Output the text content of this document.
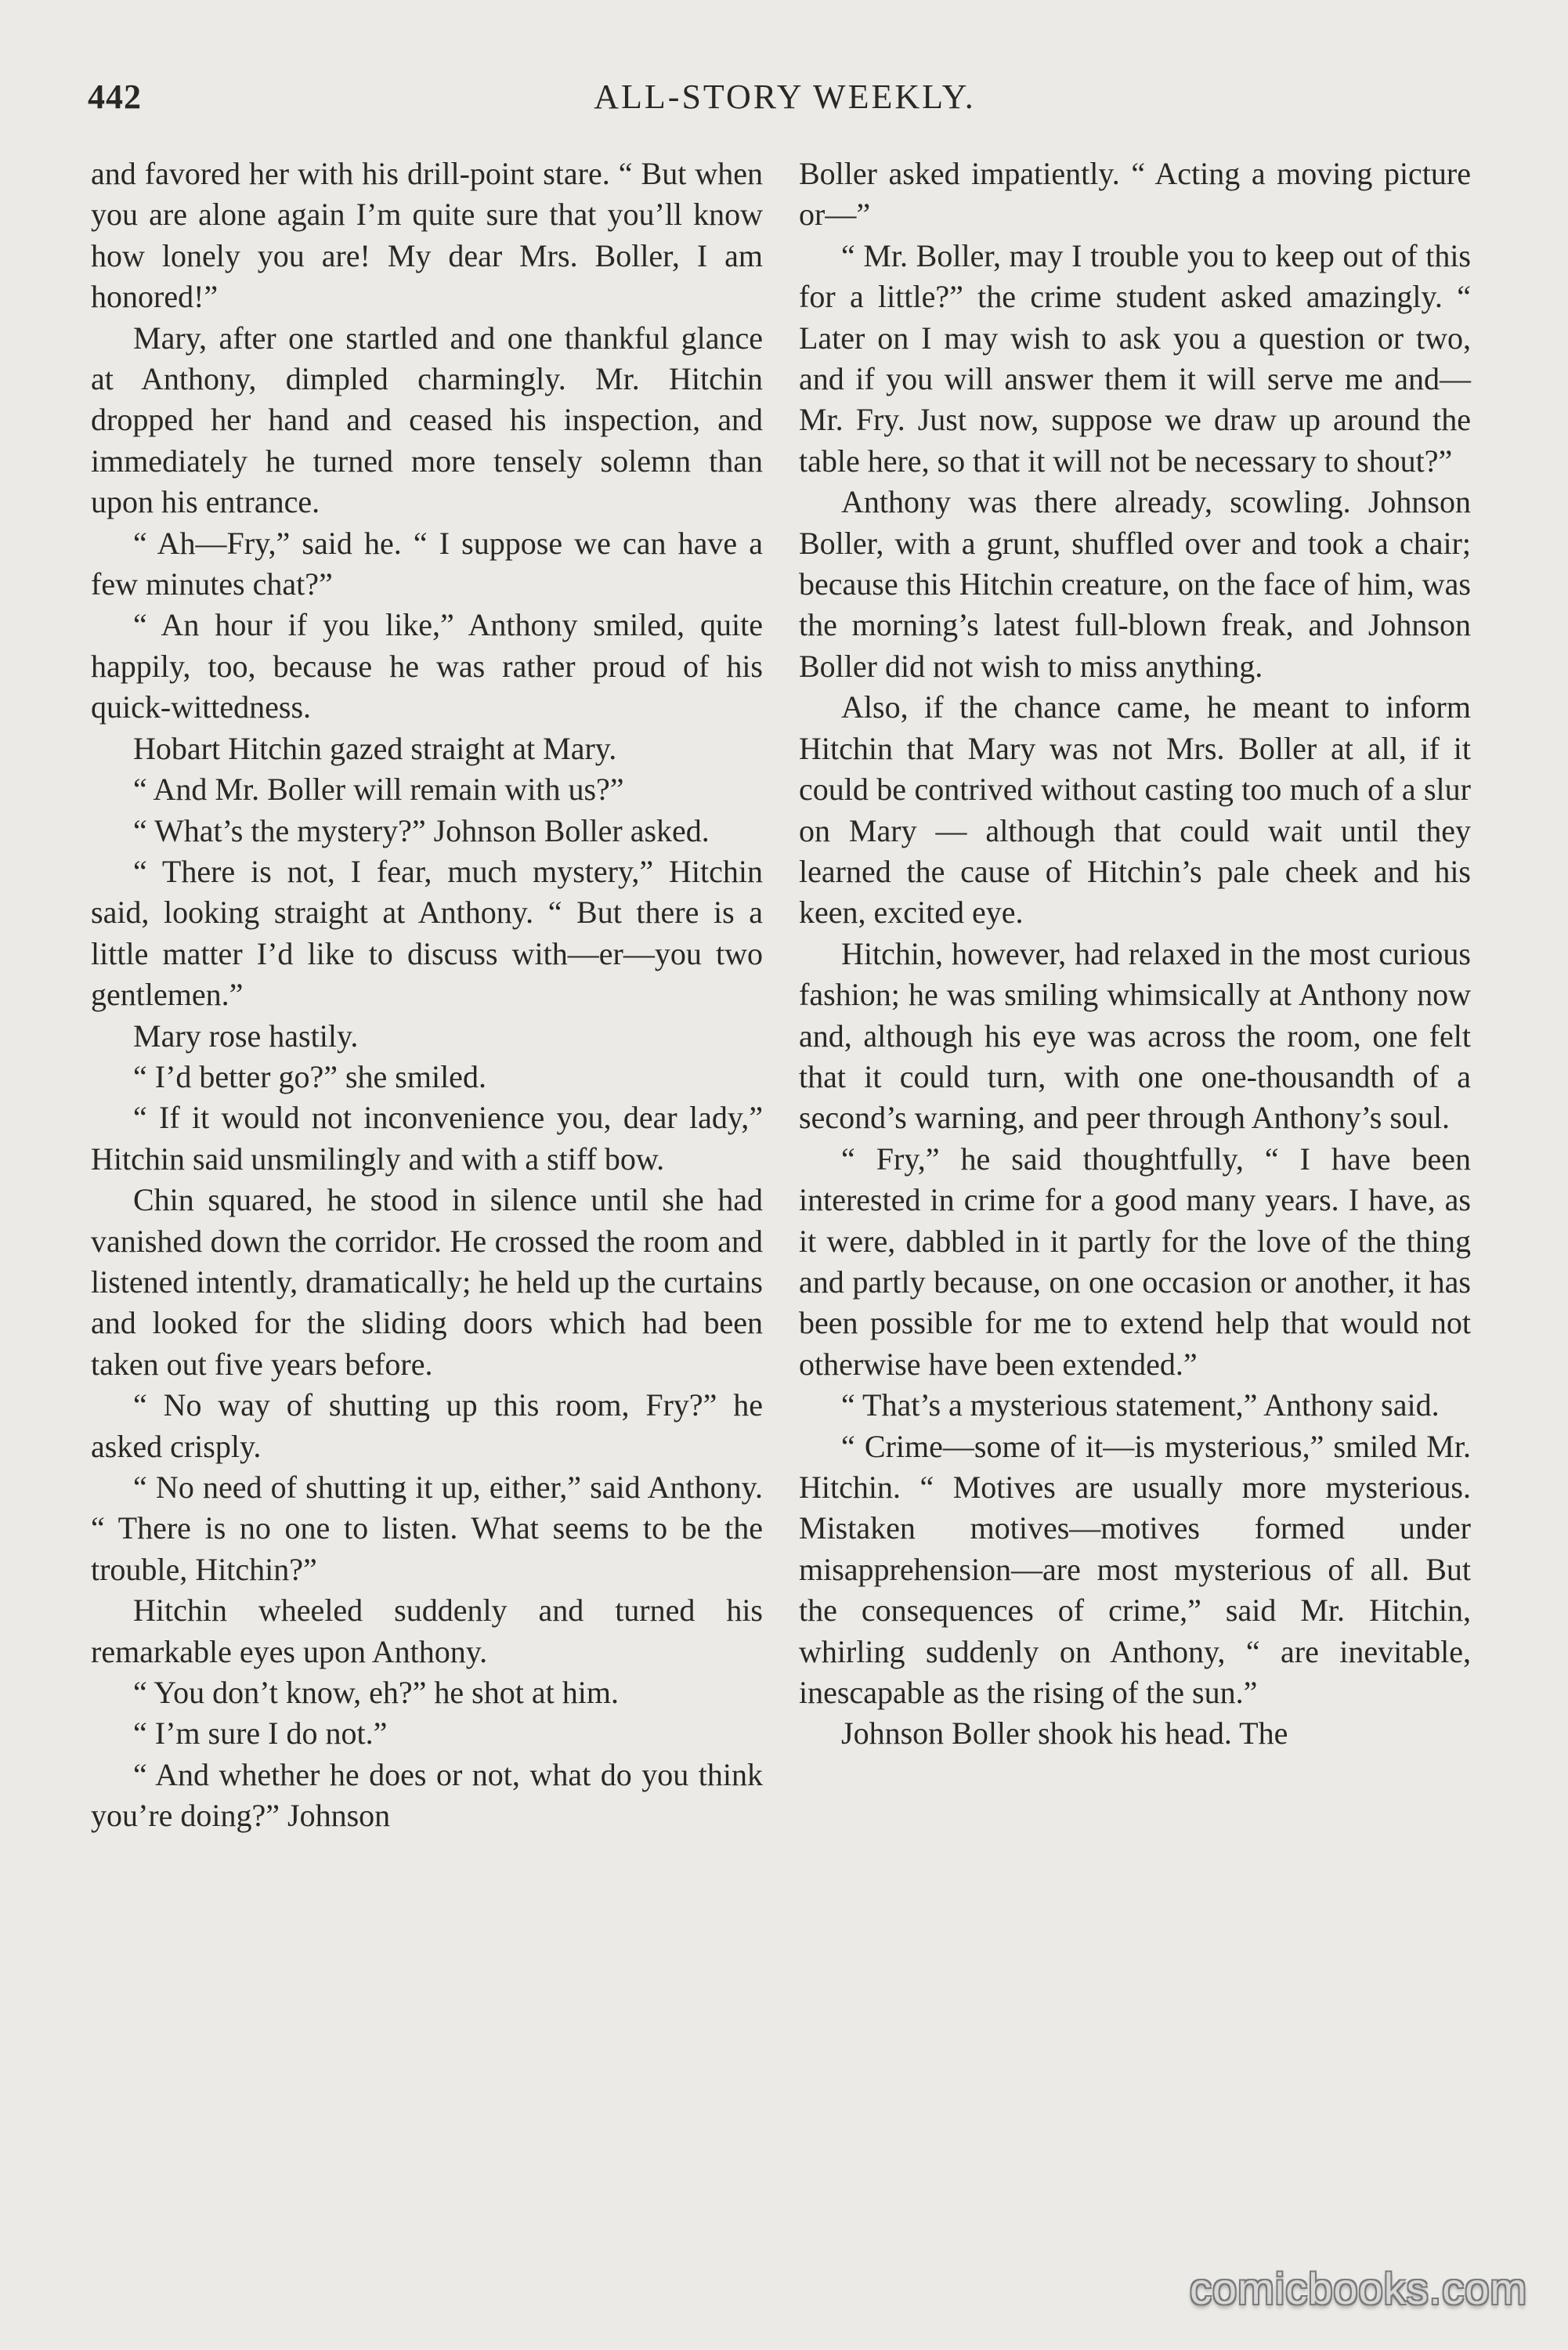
442	ALL-STORY WEEKLY.

and favored her with his drill-point stare. “ But when you are alone again I’m quite sure that you’ll know how lonely you are! My dear Mrs. Boller, I am honored!”

Mary, after one startled and one thankful glance at Anthony, dimpled charmingly. Mr. Hitchin dropped her hand and ceased his inspection, and immediately he turned more tensely solemn than upon his entrance.

“ Ah—Fry,” said he. “ I suppose we can have a few minutes chat?”

“ An hour if you like,” Anthony smiled, quite happily, too, because he was rather proud of his quick-wittedness.

Hobart Hitchin gazed straight at Mary.

“ And Mr. Boller will remain with us?”

“ What’s the mystery?” Johnson Boller asked.

“ There is not, I fear, much mystery,” Hitchin said, looking straight at Anthony. “ But there is a little matter I’d like to discuss with—er—you two gentlemen.”

Mary rose hastily.

“ I’d better go?” she smiled.

“ If it would not inconvenience you, dear lady,” Hitchin said unsmilingly and with a stiff bow.

Chin squared, he stood in silence until she had vanished down the corridor. He crossed the room and listened intently, dramatically; he held up the curtains and looked for the sliding doors which had been taken out five years before.

“ No way of shutting up this room, Fry?” he asked crisply.

“ No need of shutting it up, either,” said Anthony. “ There is no one to listen. What seems to be the trouble, Hitchin?”

Hitchin wheeled suddenly and turned his remarkable eyes upon Anthony.

“ You don’t know, eh?” he shot at him.

“ I’m sure I do not.”

“ And whether he does or not, what do you think you’re doing?” Johnson

Boller asked impatiently. “ Acting a moving picture or—”

“ Mr. Boller, may I trouble you to keep out of this for a little?” the crime student asked amazingly. “ Later on I may wish to ask you a question or two, and if you will answer them it will serve me and—Mr. Fry. Just now, suppose we draw up around the table here, so that it will not be necessary to shout?”

Anthony was there already, scowling. Johnson Boller, with a grunt, shuffled over and took a chair; because this Hitchin creature, on the face of him, was the morning’s latest full-blown freak, and Johnson Boller did not wish to miss anything.

Also, if the chance came, he meant to inform Hitchin that Mary was not Mrs. Boller at all, if it could be contrived without casting too much of a slur on Mary — although that could wait until they learned the cause of Hitchin’s pale cheek and his keen, excited eye.

Hitchin, however, had relaxed in the most curious fashion; he was smiling whimsically at Anthony now and, although his eye was across the room, one felt that it could turn, with one one-thousandth of a second’s warning, and peer through Anthony’s soul.

“ Fry,” he said thoughtfully, “ I have been interested in crime for a good many years. I have, as it were, dabbled in it partly for the love of the thing and partly because, on one occasion or another, it has been possible for me to extend help that would not otherwise have been extended.”

“ That’s a mysterious statement,” Anthony said.

“ Crime—some of it—is mysterious,” smiled Mr. Hitchin. “ Motives are usually more mysterious. Mistaken motives—motives formed under misapprehension—are most mysterious of all. But the consequences of crime,” said Mr. Hitchin, whirling suddenly on Anthony, “ are inevitable, inescapable as the rising of the sun.”

Johnson Boller shook his head. The

comicbooks.com
